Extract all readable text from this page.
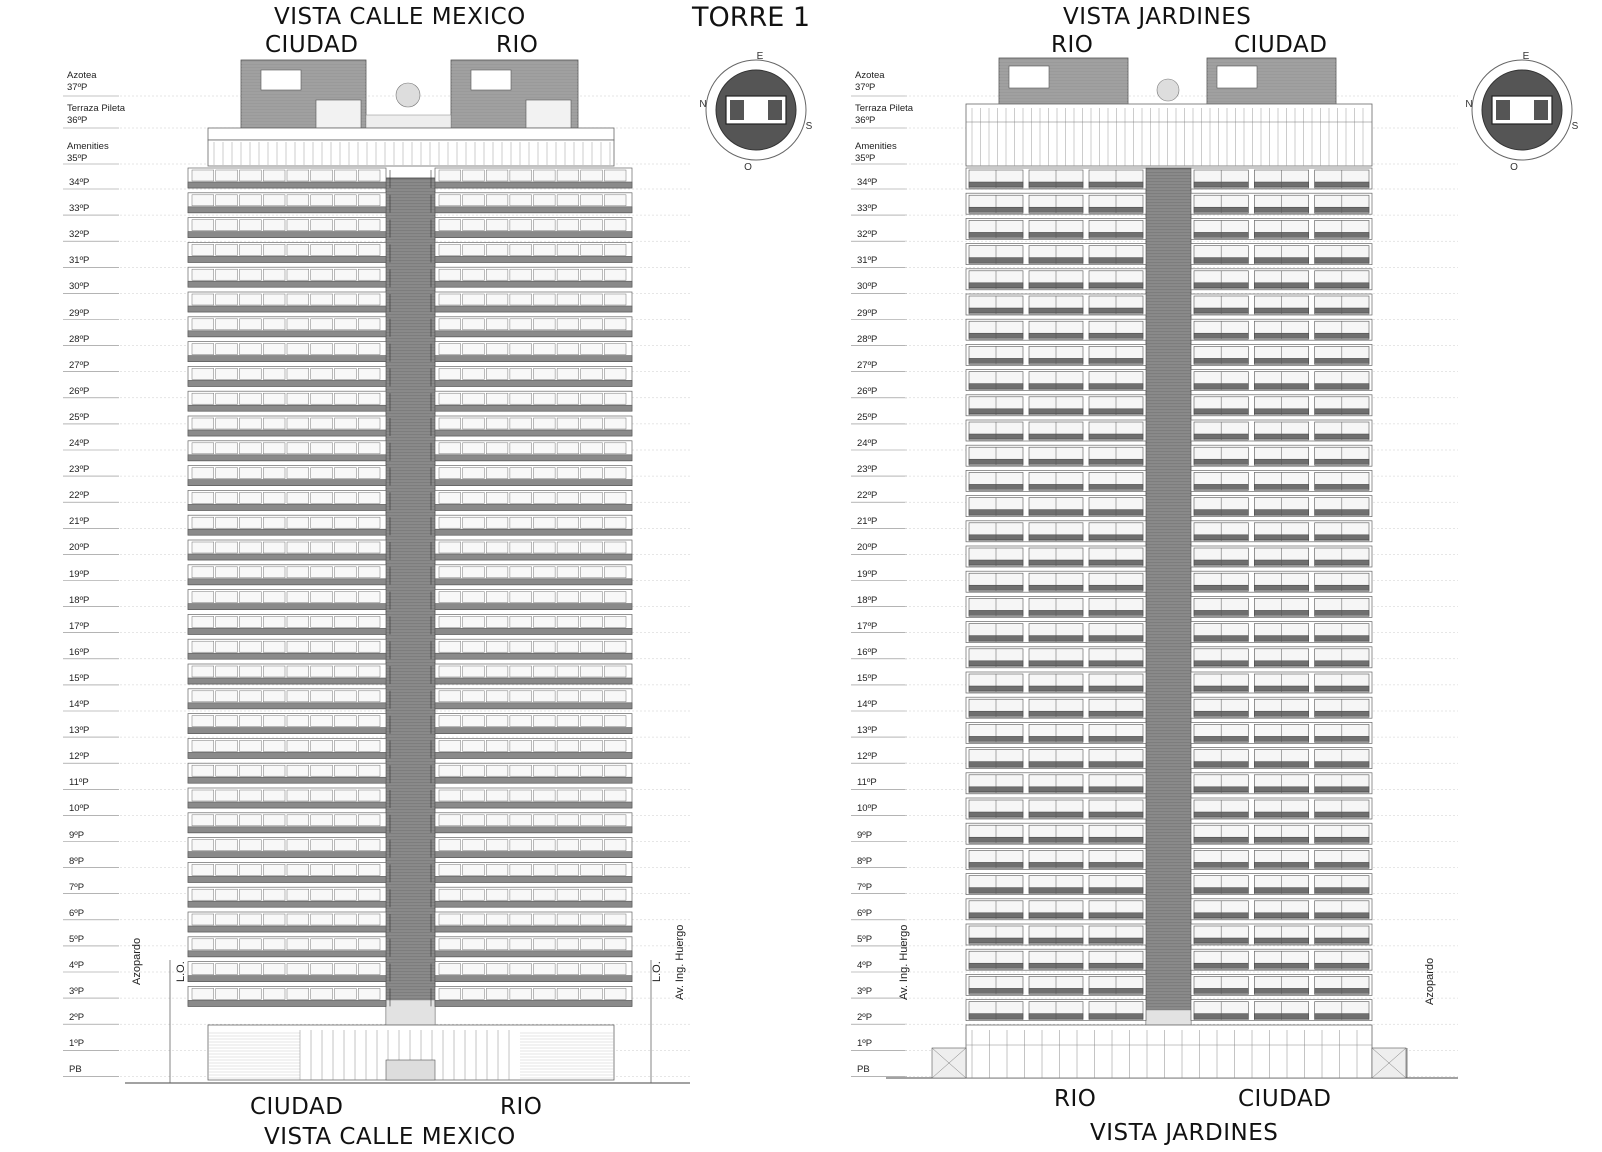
N
E
S
O
N
E
S
O
VISTA CALLE MEXICO	TORRE 1	VISTA JARDINES
CIUDAD	RIO	RIO	CIUDAD
CIUDAD	RIO	RIO	CIUDAD
VISTA CALLE MEXICO	VISTA JARDINES
Azopardo	L.O.	L.O. Av. Ing. Huergo	Av. Ing. Huergo	Azopardo
Azotea
37ºP
Terraza Pileta
36ºP
Amenities
35ºP
34ºP
33ºP
32ºP
31ºP
30ºP
29ºP
28ºP
27ºP
26ºP
25ºP
24ºP
23ºP
22ºP
21ºP
20ºP
19ºP
18ºP
17ºP
16ºP
15ºP
14ºP
13ºP
12ºP
11ºP
10ºP
9ºP
8ºP
7ºP
6ºP
5ºP
4ºP
3ºP
2ºP
1ºP
PB
Azotea
37ºP
Terraza Pileta
36ºP
Amenities
35ºP
34ºP
33ºP
32ºP
31ºP
30ºP
29ºP
28ºP
27ºP
26ºP
25ºP
24ºP
23ºP
22ºP
21ºP
20ºP
19ºP
18ºP
17ºP
16ºP
15ºP
14ºP
13ºP
12ºP
11ºP
10ºP
9ºP
8ºP
7ºP
6ºP
5ºP
4ºP
3ºP
2ºP
1ºP
PB
